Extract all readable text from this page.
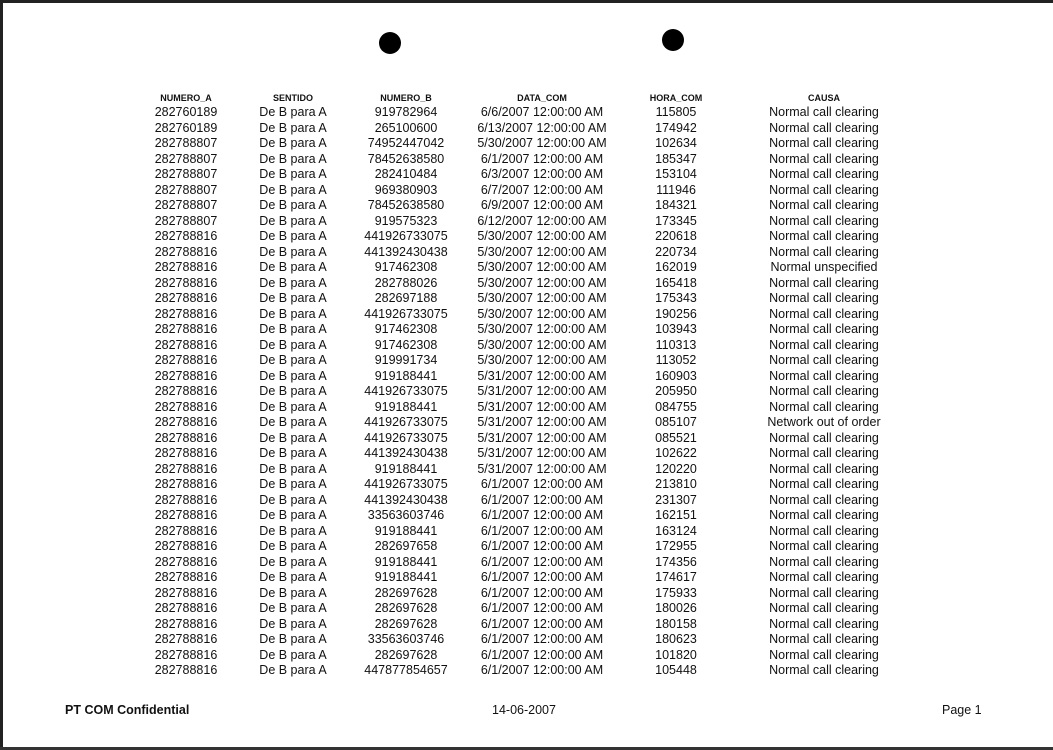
NUMERO_A	SENTIDO	NUMERO_B	DATA_COM	HORA_COM	CAUSA
282760189	De B para A	919782964	6/6/2007 12:00:00 AM	115805	Normal call clearing
282760189	De B para A	265100600	6/13/2007 12:00:00 AM	174942	Normal call clearing
282788807	De B para A	74952447042	5/30/2007 12:00:00 AM	102634	Normal call clearing
282788807	De B para A	78452638580	6/1/2007 12:00:00 AM	185347	Normal call clearing
282788807	De B para A	282410484	6/3/2007 12:00:00 AM	153104	Normal call clearing
282788807	De B para A	969380903	6/7/2007 12:00:00 AM	111946	Normal call clearing
282788807	De B para A	78452638580	6/9/2007 12:00:00 AM	184321	Normal call clearing
282788807	De B para A	919575323	6/12/2007 12:00:00 AM	173345	Normal call clearing
282788816	De B para A	441926733075	5/30/2007 12:00:00 AM	220618	Normal call clearing
282788816	De B para A	441392430438	5/30/2007 12:00:00 AM	220734	Normal call clearing
282788816	De B para A	917462308	5/30/2007 12:00:00 AM	162019	Normal unspecified
282788816	De B para A	282788026	5/30/2007 12:00:00 AM	165418	Normal call clearing
282788816	De B para A	282697188	5/30/2007 12:00:00 AM	175343	Normal call clearing
282788816	De B para A	441926733075	5/30/2007 12:00:00 AM	190256	Normal call clearing
282788816	De B para A	917462308	5/30/2007 12:00:00 AM	103943	Normal call clearing
282788816	De B para A	917462308	5/30/2007 12:00:00 AM	110313	Normal call clearing
282788816	De B para A	919991734	5/30/2007 12:00:00 AM	113052	Normal call clearing
282788816	De B para A	919188441	5/31/2007 12:00:00 AM	160903	Normal call clearing
282788816	De B para A	441926733075	5/31/2007 12:00:00 AM	205950	Normal call clearing
282788816	De B para A	919188441	5/31/2007 12:00:00 AM	084755	Normal call clearing
282788816	De B para A	441926733075	5/31/2007 12:00:00 AM	085107	Network out of order
282788816	De B para A	441926733075	5/31/2007 12:00:00 AM	085521	Normal call clearing
282788816	De B para A	441392430438	5/31/2007 12:00:00 AM	102622	Normal call clearing
282788816	De B para A	919188441	5/31/2007 12:00:00 AM	120220	Normal call clearing
282788816	De B para A	441926733075	6/1/2007 12:00:00 AM	213810	Normal call clearing
282788816	De B para A	441392430438	6/1/2007 12:00:00 AM	231307	Normal call clearing
282788816	De B para A	33563603746	6/1/2007 12:00:00 AM	162151	Normal call clearing
282788816	De B para A	919188441	6/1/2007 12:00:00 AM	163124	Normal call clearing
282788816	De B para A	282697658	6/1/2007 12:00:00 AM	172955	Normal call clearing
282788816	De B para A	919188441	6/1/2007 12:00:00 AM	174356	Normal call clearing
282788816	De B para A	919188441	6/1/2007 12:00:00 AM	174617	Normal call clearing
282788816	De B para A	282697628	6/1/2007 12:00:00 AM	175933	Normal call clearing
282788816	De B para A	282697628	6/1/2007 12:00:00 AM	180026	Normal call clearing
282788816	De B para A	282697628	6/1/2007 12:00:00 AM	180158	Normal call clearing
282788816	De B para A	33563603746	6/1/2007 12:00:00 AM	180623	Normal call clearing
282788816	De B para A	282697628	6/1/2007 12:00:00 AM	101820	Normal call clearing
282788816	De B para A	447877854657	6/1/2007 12:00:00 AM	105448	Normal call clearing
PT COM Confidential	14-06-2007	Page 1
